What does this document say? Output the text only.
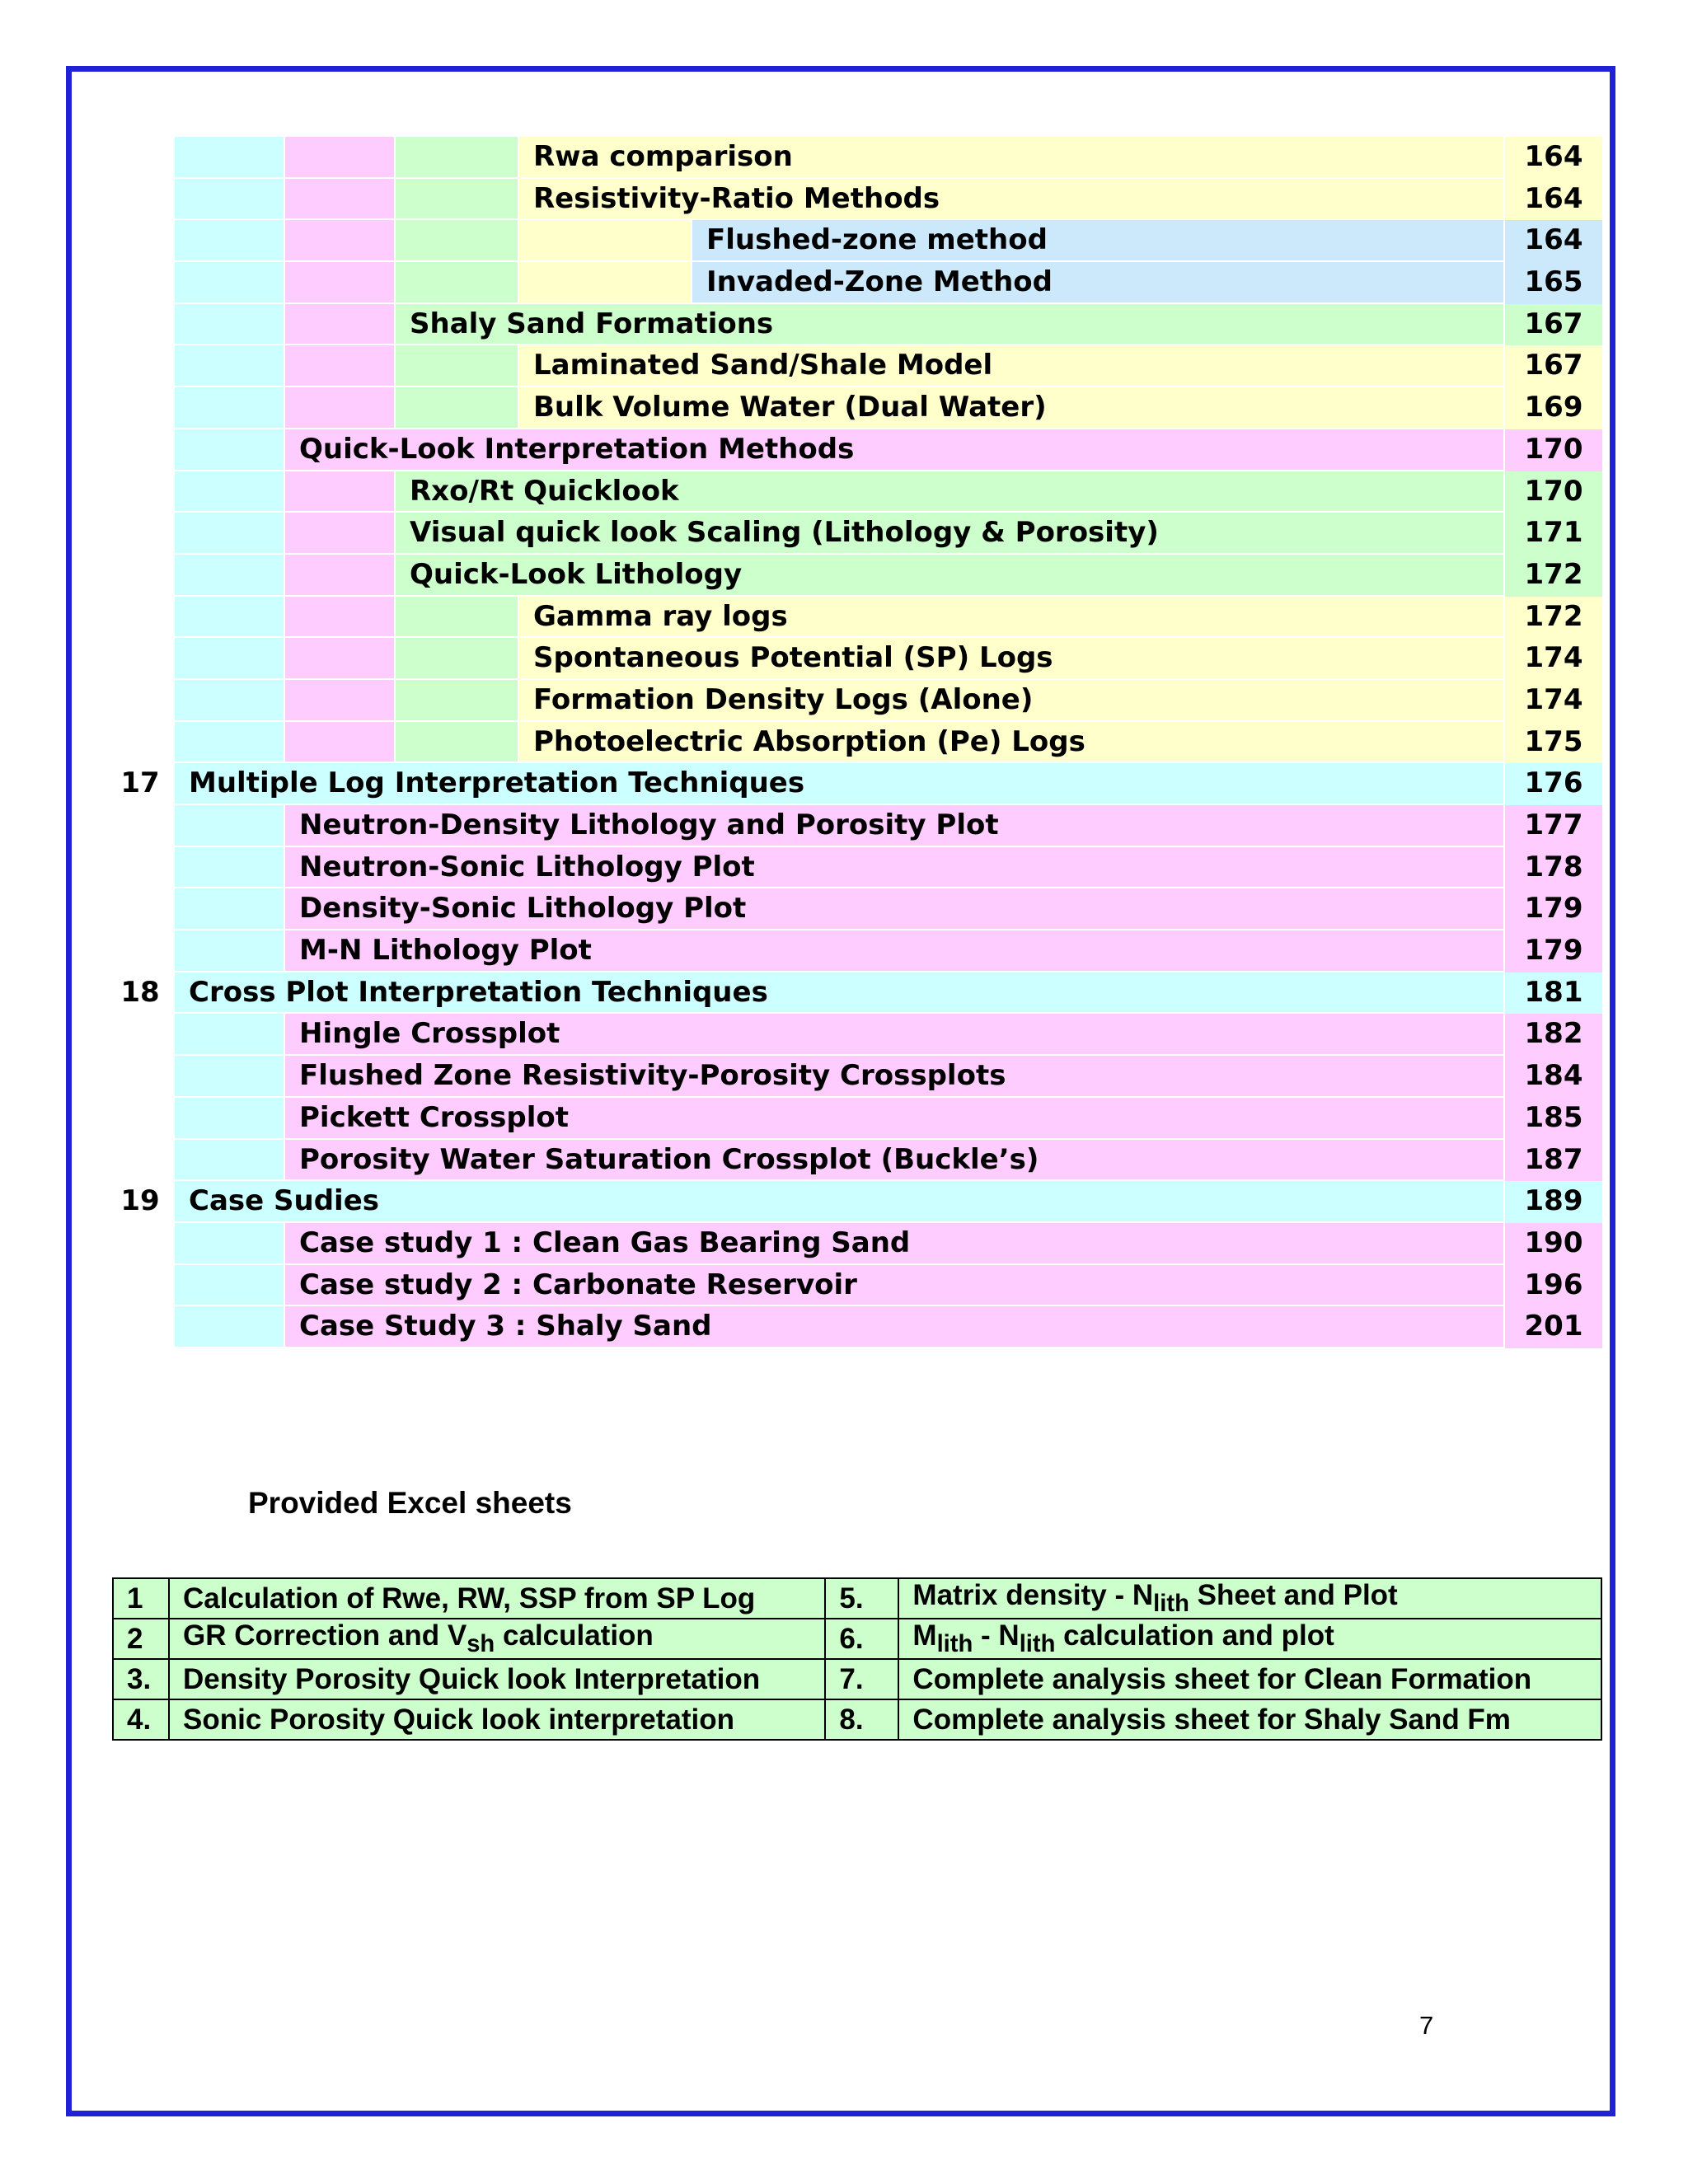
Rwa comparison	164
Resistivity-Ratio Methods	164
Flushed-zone method	164
Invaded-Zone Method	165
Shaly Sand Formations	167
Laminated Sand/Shale Model	167
Bulk Volume Water (Dual Water)	169
Quick-Look Interpretation Methods	170
Rxo/Rt Quicklook	170
Visual quick look Scaling (Lithology & Porosity)	171
Quick-Look Lithology	172
Gamma ray logs	172
Spontaneous Potential (SP) Logs	174
Formation Density Logs (Alone)	174
Photoelectric Absorption (Pe) Logs	175
17	Multiple Log Interpretation Techniques	176
Neutron-Density Lithology and Porosity Plot	177
Neutron-Sonic Lithology Plot	178
Density-Sonic Lithology Plot	179
M-N Lithology Plot	179
18	Cross Plot Interpretation Techniques	181
Hingle Crossplot	182
Flushed Zone Resistivity-Porosity Crossplots	184
Pickett Crossplot	185
Porosity Water Saturation Crossplot (Buckle’s)	187
19	Case Sudies	189
Case study 1 : Clean Gas Bearing Sand	190
Case study 2 : Carbonate Reservoir	196
Case Study 3 : Shaly Sand	201
Provided Excel sheets
1	Calculation of Rwe, RW, SSP from SP Log	5.	Matrix density - $N_{lith}$ Sheet and Plot
2	GR Correction and $V_{sh}$ calculation	6.	$M_{lith} - N_{lith}$ calculation and plot
3.	Density Porosity Quick look Interpretation	7.	Complete analysis sheet for Clean Formation
4.	Sonic Porosity Quick look interpretation	8.	Complete analysis sheet for Shaly Sand Fm
7
